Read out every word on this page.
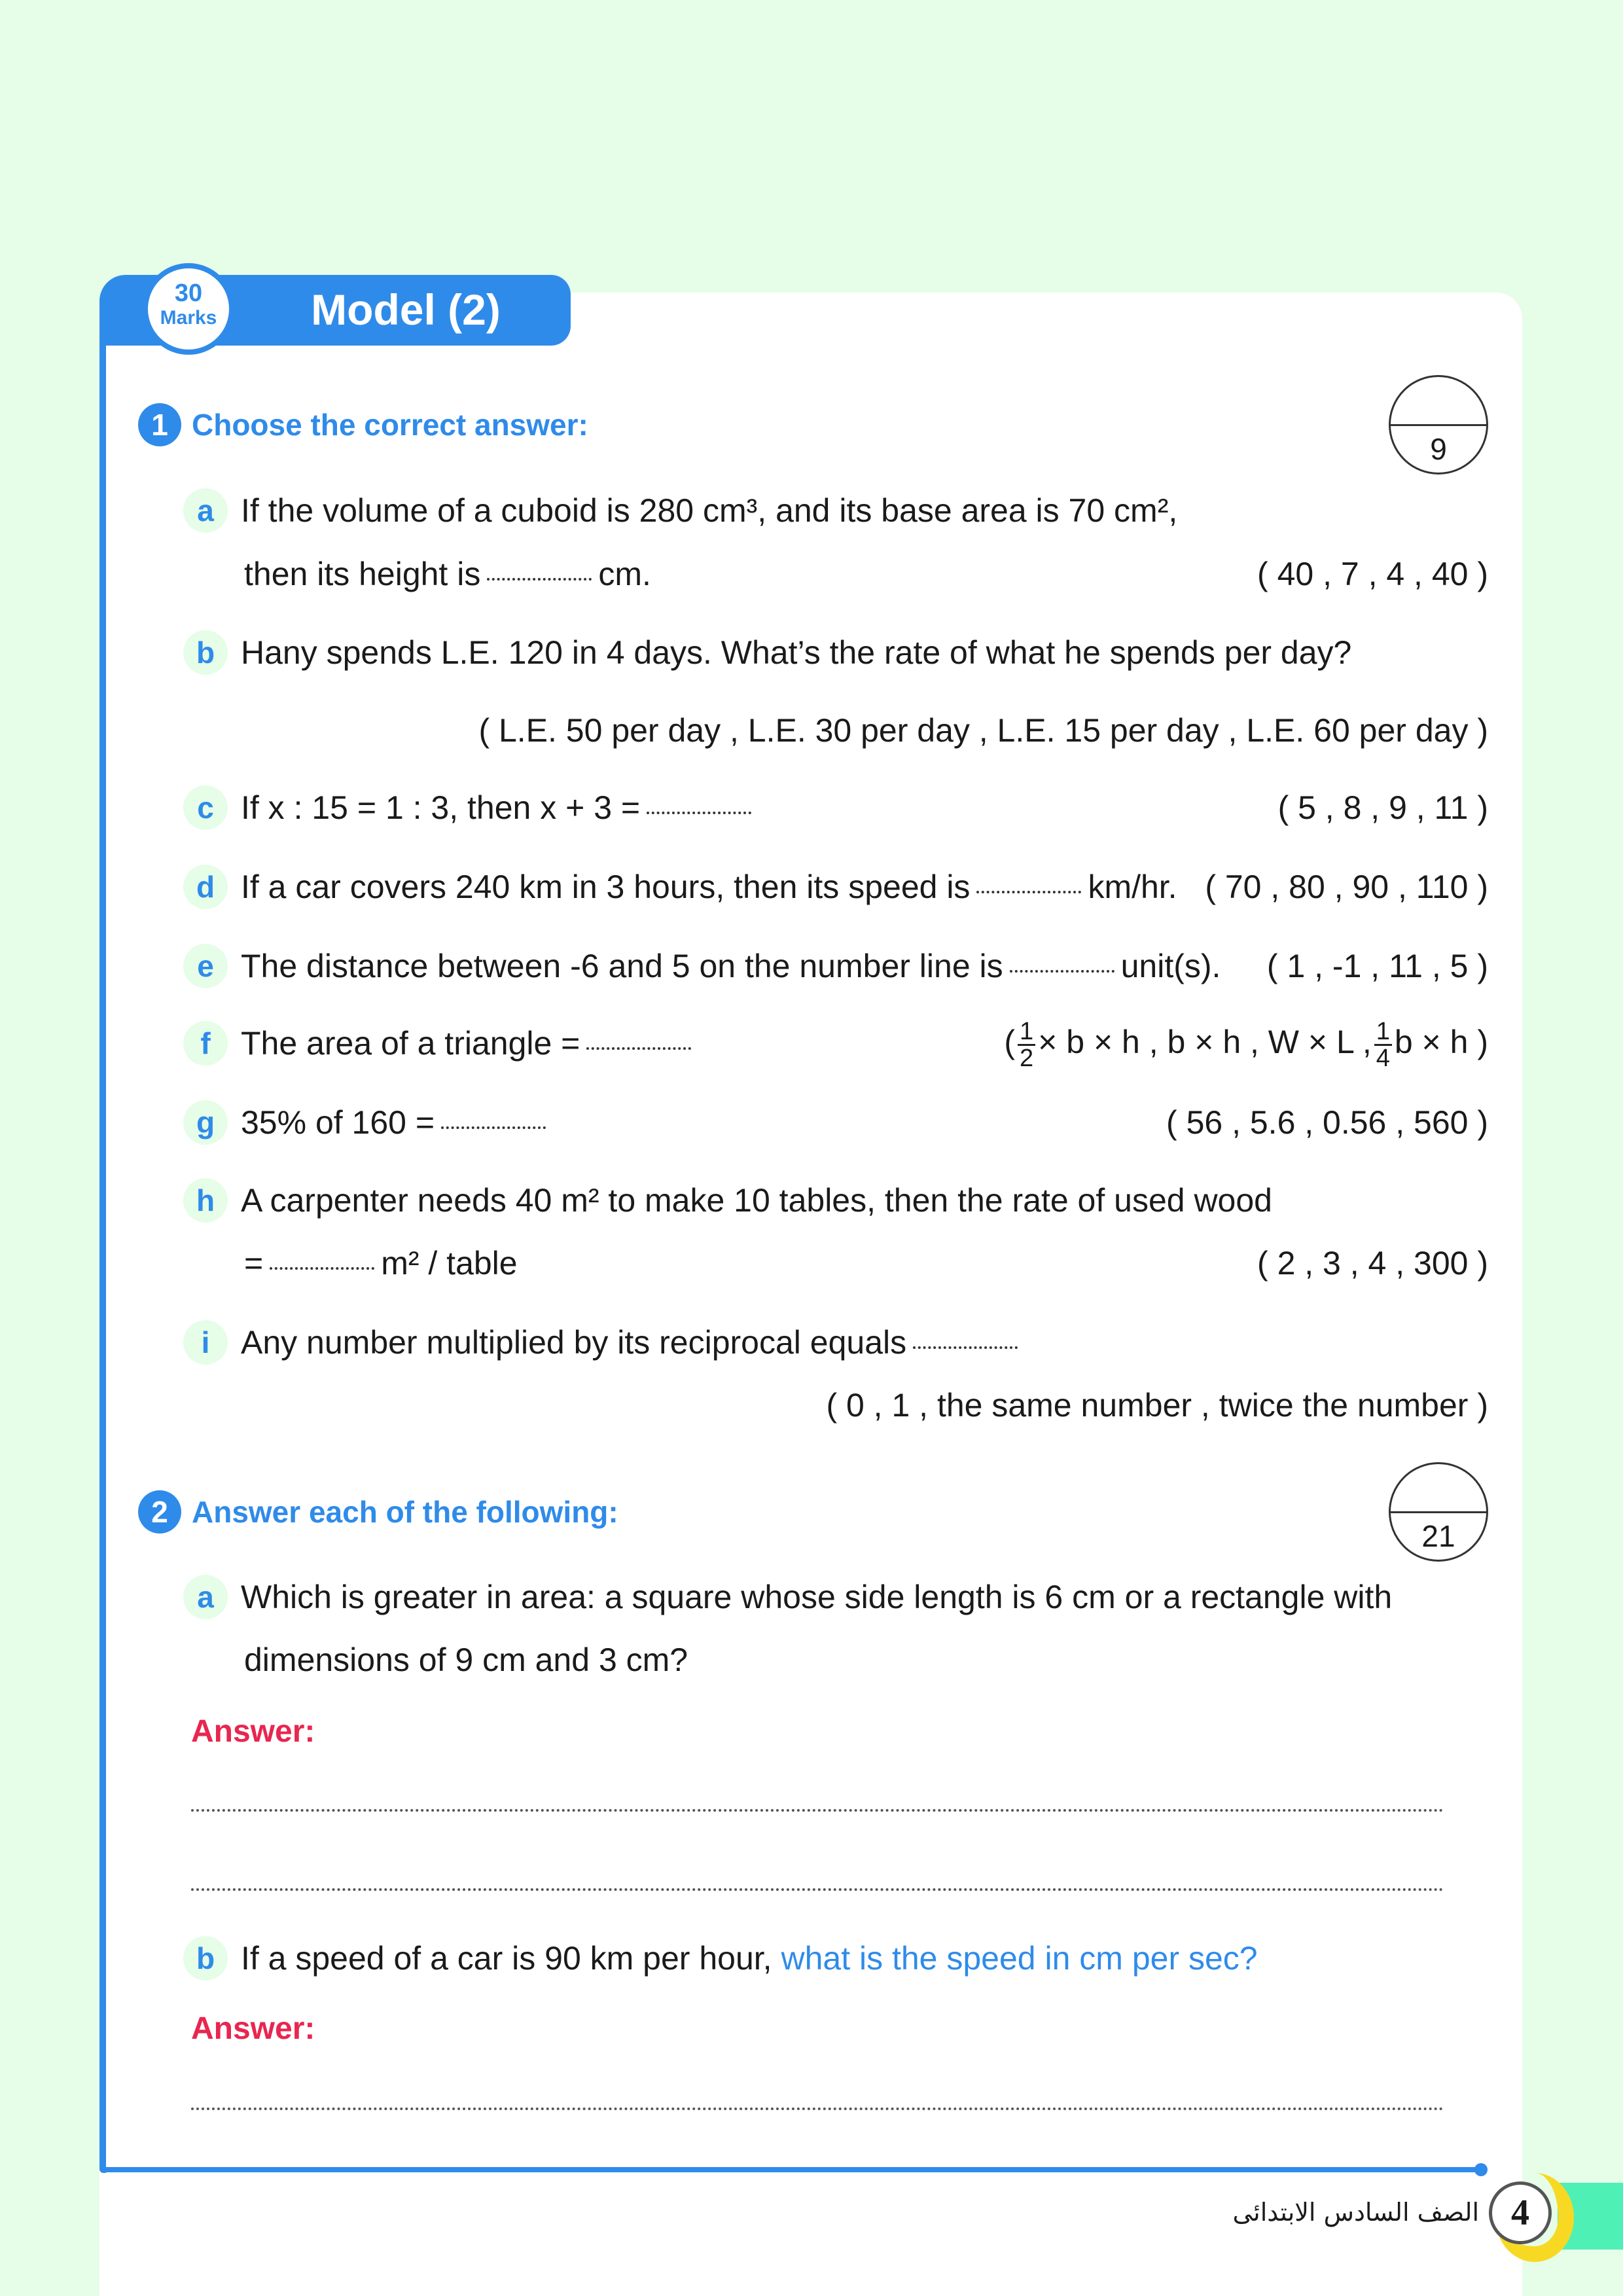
30
Marks	Model (2)
1 Choose the correct answer:
9
a If the volume of a cuboid is 280 cm³, and its base area is 70 cm²,
then its height is	cm.	( 40 , 7 , 4 , 40 )
b Hany spends L.E. 120 in 4 days. What’s the rate of what he spends per day?
( L.E. 50 per day , L.E. 30 per day , L.E. 15 per day , L.E. 60 per day )
c If x : 15 = 1 : 3, then x + 3 =	( 5 , 8 , 9 , 11 )
d If a car covers 240 km in 3 hours, then its speed is	km/hr. ( 70 , 80 , 90 , 110 )
e The distance between -6 and 5 on the number line is	unit(s). ( 1 , -1 , 11 , 5 )
f The area of a triangle =	( $\frac{1}{2} \times b \times h$ , b × h , W × L , $\frac{1}{4}$ b × h )
g 35% of 160 =	( 56 , 5.6 , 0.56 , 560 )
h A carpenter needs 40 m² to make 10 tables, then the rate of used wood
=	m² / table	( 2 , 3 , 4 , 300 )
i Any number multiplied by its reciprocal equals
( 0 , 1 , the same number , twice the number )
2 Answer each of the following:
21
a Which is greater in area: a square whose side length is 6 cm or a rectangle with
dimensions of 9 cm and 3 cm?
Answer:
b If a speed of a car is 90 km per hour,
what is the speed in cm per sec?
Answer:
4
الصف السادس الابتدائى
